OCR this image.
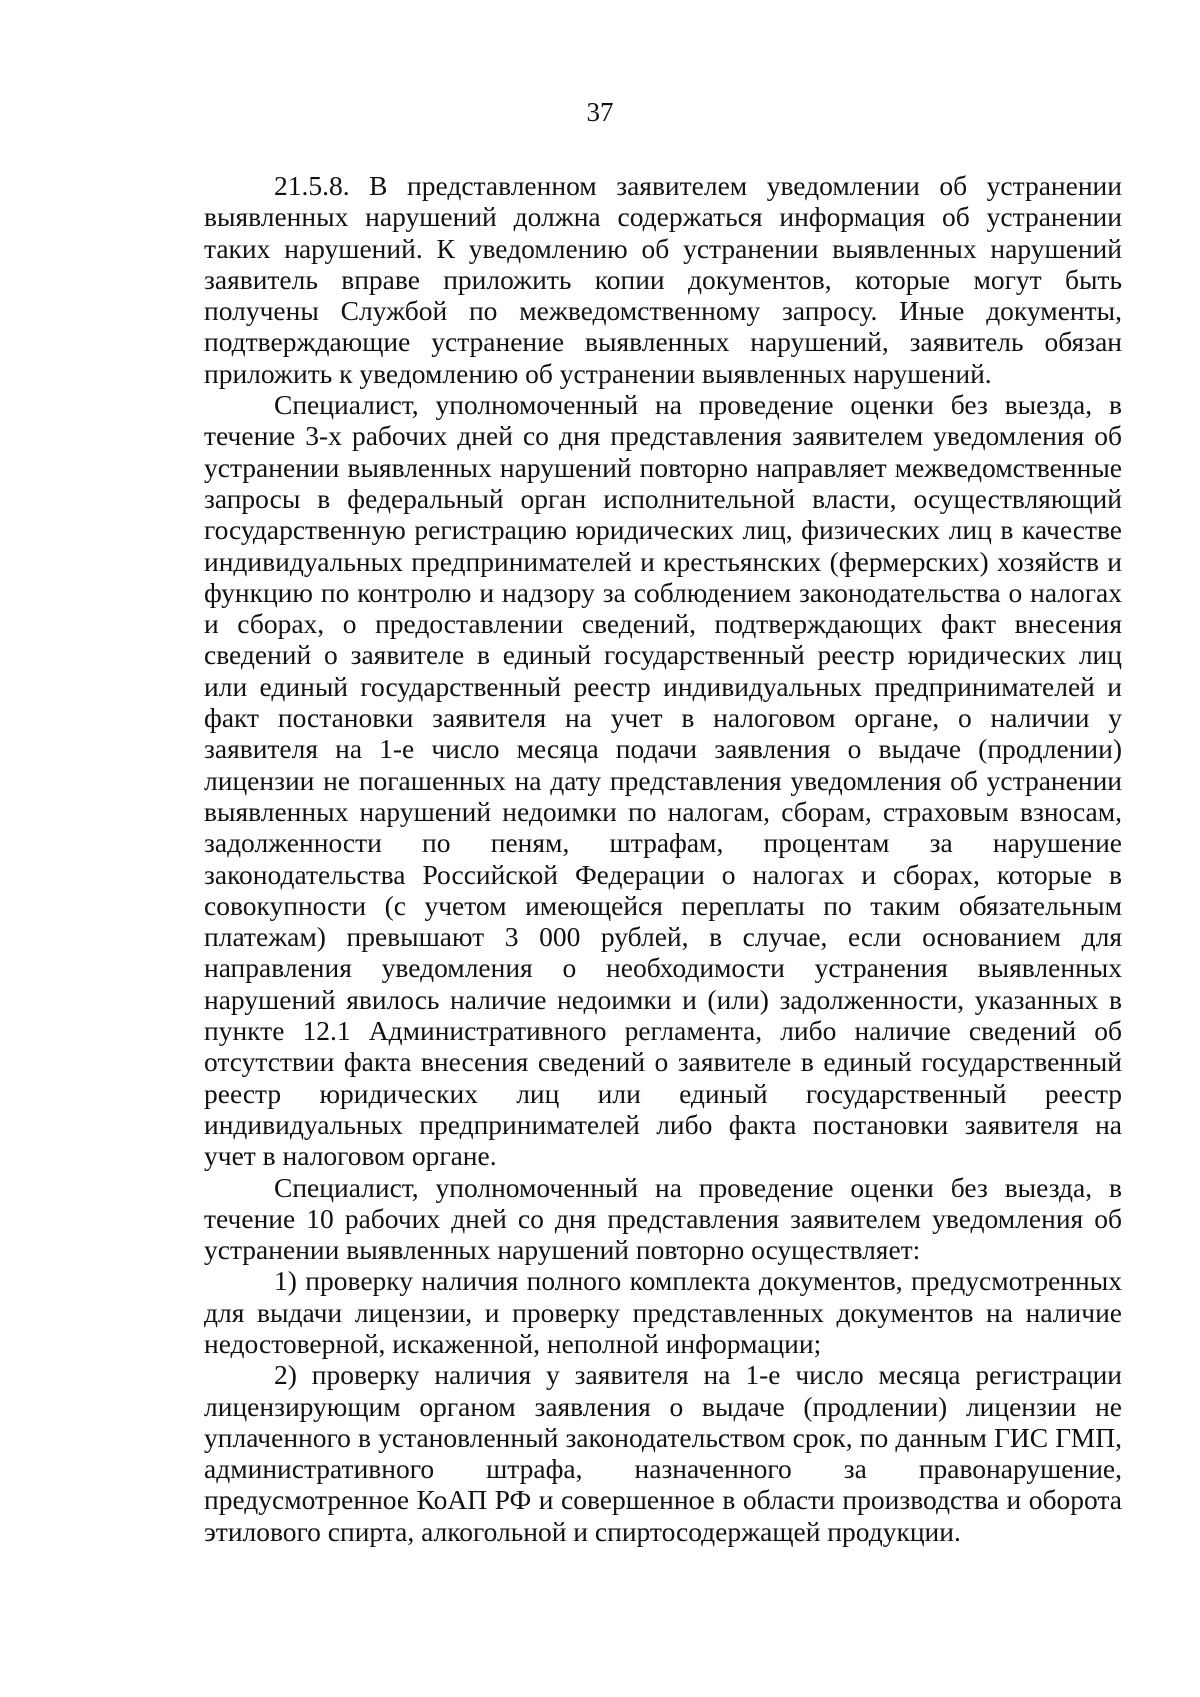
37

21.5.8. В представленном заявителем уведомлении об устранении выявленных нарушений должна содержаться информация об устранении таких нарушений. К уведомлению об устранении выявленных нарушений заявитель вправе приложить копии документов, которые могут быть получены Службой по межведомственному запросу. Иные документы, подтверждающие устранение выявленных нарушений, заявитель обязан приложить к уведомлению об устранении выявленных нарушений.

Специалист, уполномоченный на проведение оценки без выезда, в течение 3-х рабочих дней со дня представления заявителем уведомления об устранении выявленных нарушений повторно направляет межведомственные запросы в федеральный орган исполнительной власти, осуществляющий государственную регистрацию юридических лиц, физических лиц в качестве индивидуальных предпринимателей и крестьянских (фермерских) хозяйств и функцию по контролю и надзору за соблюдением законодательства о налогах и сборах, о предоставлении сведений, подтверждающих факт внесения сведений о заявителе в единый государственный реестр юридических лиц или единый государственный реестр индивидуальных предпринимателей и факт постановки заявителя на учет в налоговом органе, о наличии у заявителя на 1-е число месяца подачи заявления о выдаче (продлении) лицензии не погашенных на дату представления уведомления об устранении выявленных нарушений недоимки по налогам, сборам, страховым взносам, задолженности по пеням, штрафам, процентам за нарушение законодательства Российской Федерации о налогах и сборах, которые в совокупности (с учетом имеющейся переплаты по таким обязательным платежам) превышают 3 000 рублей, в случае, если основанием для направления уведомления о необходимости устранения выявленных нарушений явилось наличие недоимки и (или) задолженности, указанных в пункте 12.1 Административного регламента, либо наличие сведений об отсутствии факта внесения сведений о заявителе в единый государственный реестр юридических лиц или единый государственный реестр индивидуальных предпринимателей либо факта постановки заявителя на учет в налоговом органе.

Специалист, уполномоченный на проведение оценки без выезда, в течение 10 рабочих дней со дня представления заявителем уведомления об устранении выявленных нарушений повторно осуществляет:

1) проверку наличия полного комплекта документов, предусмотренных для выдачи лицензии, и проверку представленных документов на наличие недостоверной, искаженной, неполной информации;

2) проверку наличия у заявителя на 1-е число месяца регистрации лицензирующим органом заявления о выдаче (продлении) лицензии не уплаченного в установленный законодательством срок, по данным ГИС ГМП, административного штрафа, назначенного за правонарушение, предусмотренное КоАП РФ и совершенное в области производства и оборота этилового спирта, алкогольной и спиртосодержащей продукции.
